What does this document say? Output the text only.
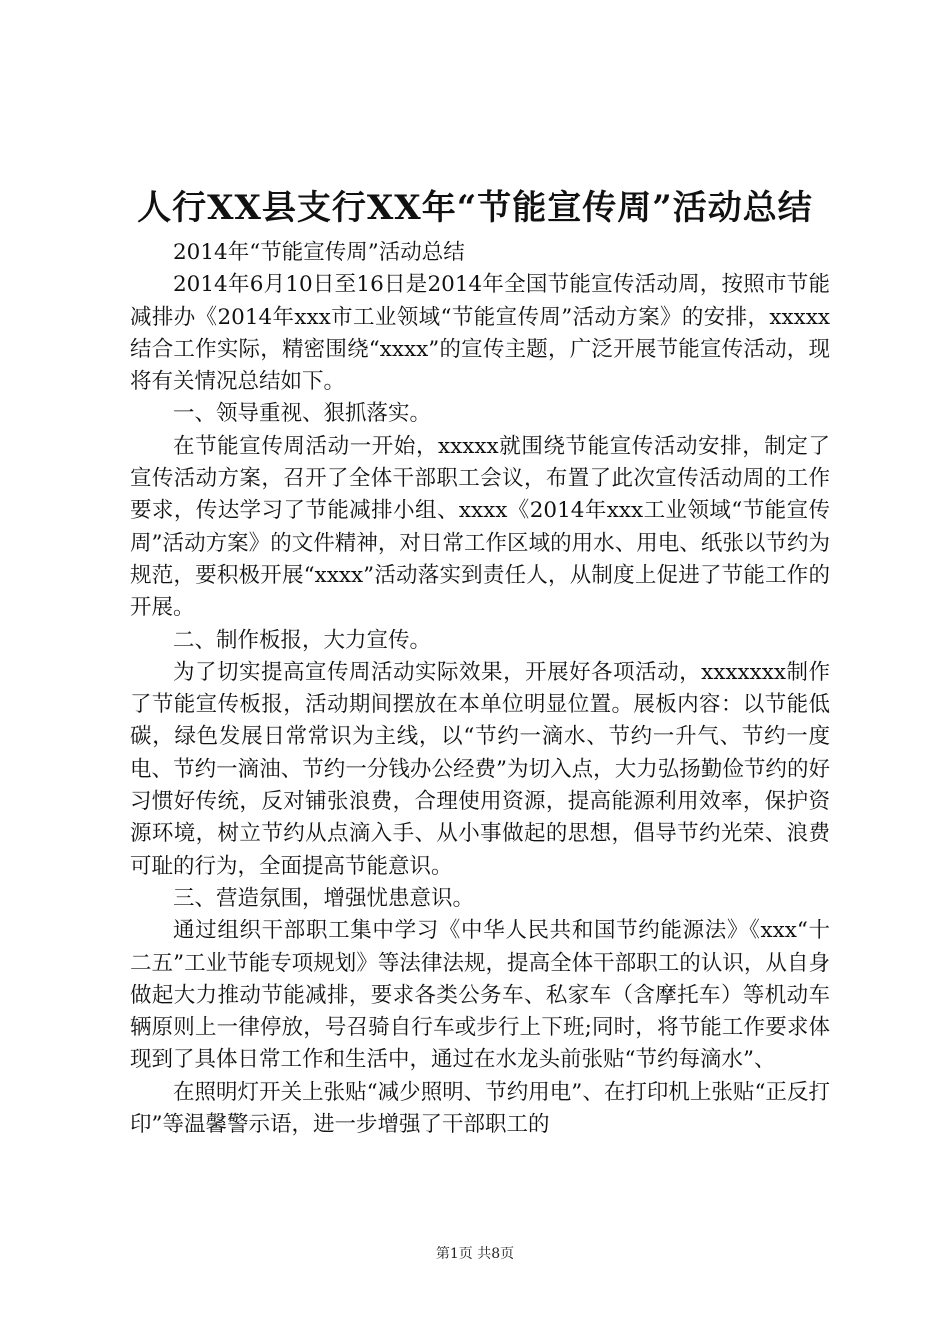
人行XX县支行XX年“节能宣传周”活动总结

2014年“节能宣传周”活动总结

2014年6月10日至16日是2014年全国节能宣传活动周，按照市节能减排办《2014年xxx市工业领域“节能宣传周”活动方案》的安排，xxxxx结合工作实际，精密围绕“xxxx”的宣传主题，广泛开展节能宣传活动，现将有关情况总结如下。

一、领导重视、狠抓落实。

在节能宣传周活动一开始，xxxxx就围绕节能宣传活动安排，制定了宣传活动方案，召开了全体干部职工会议，布置了此次宣传活动周的工作要求，传达学习了节能减排小组、xxxx《2014年xxx工业领域“节能宣传周”活动方案》的文件精神，对日常工作区域的用水、用电、纸张以节约为规范，要积极开展“xxxx”活动落实到责任人，从制度上促进了节能工作的开展。

二、制作板报，大力宣传。

为了切实提高宣传周活动实际效果，开展好各项活动，xxxxxxx制作了节能宣传板报，活动期间摆放在本单位明显位置。展板内容：以节能低碳，绿色发展日常常识为主线，以“节约一滴水、节约一升气、节约一度电、节约一滴油、节约一分钱办公经费”为切入点，大力弘扬勤俭节约的好习惯好传统，反对铺张浪费，合理使用资源，提高能源利用效率，保护资源环境，树立节约从点滴入手、从小事做起的思想，倡导节约光荣、浪费可耻的行为，全面提高节能意识。

三、营造氛围，增强忧患意识。

通过组织干部职工集中学习《中华人民共和国节约能源法》《xxx“十二五”工业节能专项规划》等法律法规，提高全体干部职工的认识，从自身做起大力推动节能减排，要求各类公务车、私家车（含摩托车）等机动车辆原则上一律停放，号召骑自行车或步行上下班;同时，将节能工作要求体现到了具体日常工作和生活中，通过在水龙头前张贴“节约每滴水”、

在照明灯开关上张贴“减少照明、节约用电”、在打印机上张贴“正反打印”等温馨警示语，进一步增强了干部职工的

第1页 共8页
